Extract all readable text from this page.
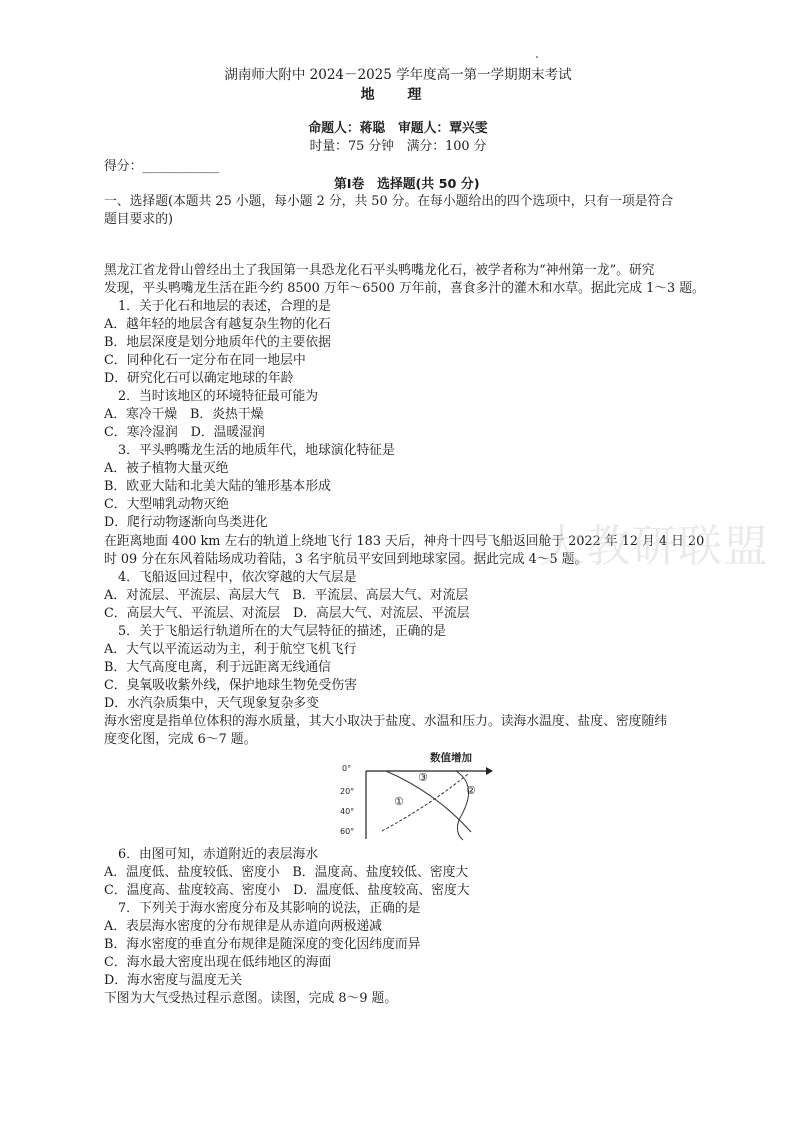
湖南师大附中 2024－2025 学年度高一第一学期期末考试
地 理
命题人：蒋聪　审题人：覃兴雯
时量：75 分钟　满分：100 分
得分：____________
第Ⅰ卷　选择题(共 50 分)
一、选择题(本题共 25 小题，每小题 2 分，共 50 分。在每小题给出的四个选项中，只有一项是符合
题目要求的)
黑龙江省龙骨山曾经出土了我国第一具恐龙化石平头鸭嘴龙化石，被学者称为“神州第一龙”。研究
发现，平头鸭嘴龙生活在距今约 8500 万年～6500 万年前，喜食多汁的灌木和水草。据此完成 1～3 题。
1．关于化石和地层的表述，合理的是
A．越年轻的地层含有越复杂生物的化石
B．地层深度是划分地质年代的主要依据
C．同种化石一定分布在同一地层中
D．研究化石可以确定地球的年龄
2．当时该地区的环境特征最可能为
A．寒冷干燥　B．炎热干燥
C．寒冷湿润　D．温暖湿润
3．平头鸭嘴龙生活的地质年代，地球演化特征是
A．被子植物大量灭绝
B．欧亚大陆和北美大陆的雏形基本形成
C．大型哺乳动物灭绝
D．爬行动物逐渐向鸟类进化
在距离地面 400 km 左右的轨道上绕地飞行 183 天后，神舟十四号飞船返回舱于 2022 年 12 月 4 日 20
时 09 分在东风着陆场成功着陆，3 名宇航员平安回到地球家园。据此完成 4～5 题。
4．飞船返回过程中，依次穿越的大气层是
A．对流层、平流层、高层大气　B．平流层、高层大气、对流层
C．高层大气、平流层、对流层　D．高层大气、对流层、平流层
5．关于飞船运行轨道所在的大气层特征的描述，正确的是
A．大气以平流运动为主，利于航空飞机飞行
B．大气高度电离，利于远距离无线通信
C．臭氧吸收紫外线，保护地球生物免受伤害
D．水汽杂质集中，天气现象复杂多变
海水密度是指单位体积的海水质量，其大小取决于盐度、水温和压力。读海水温度、盐度、密度随纬
度变化图，完成 6～7 题。
数值增加
0°
20°
40°
60°
①
②
③
6．由图可知，赤道附近的表层海水
A．温度低、盐度较低、密度小　B．温度高、盐度较低、密度大
C．温度高、盐度较高、密度小　D．温度低、盐度较高、密度大
7．下列关于海水密度分布及其影响的说法，正确的是
A．表层海水密度的分布规律是从赤道向两极递减
B．海水密度的垂直分布规律是随深度的变化因纬度而异
C．海水最大密度出现在低纬地区的海面
D．海水密度与温度无关
下图为大气受热过程示意图。读图，完成 8～9 题。
大教研联盟
